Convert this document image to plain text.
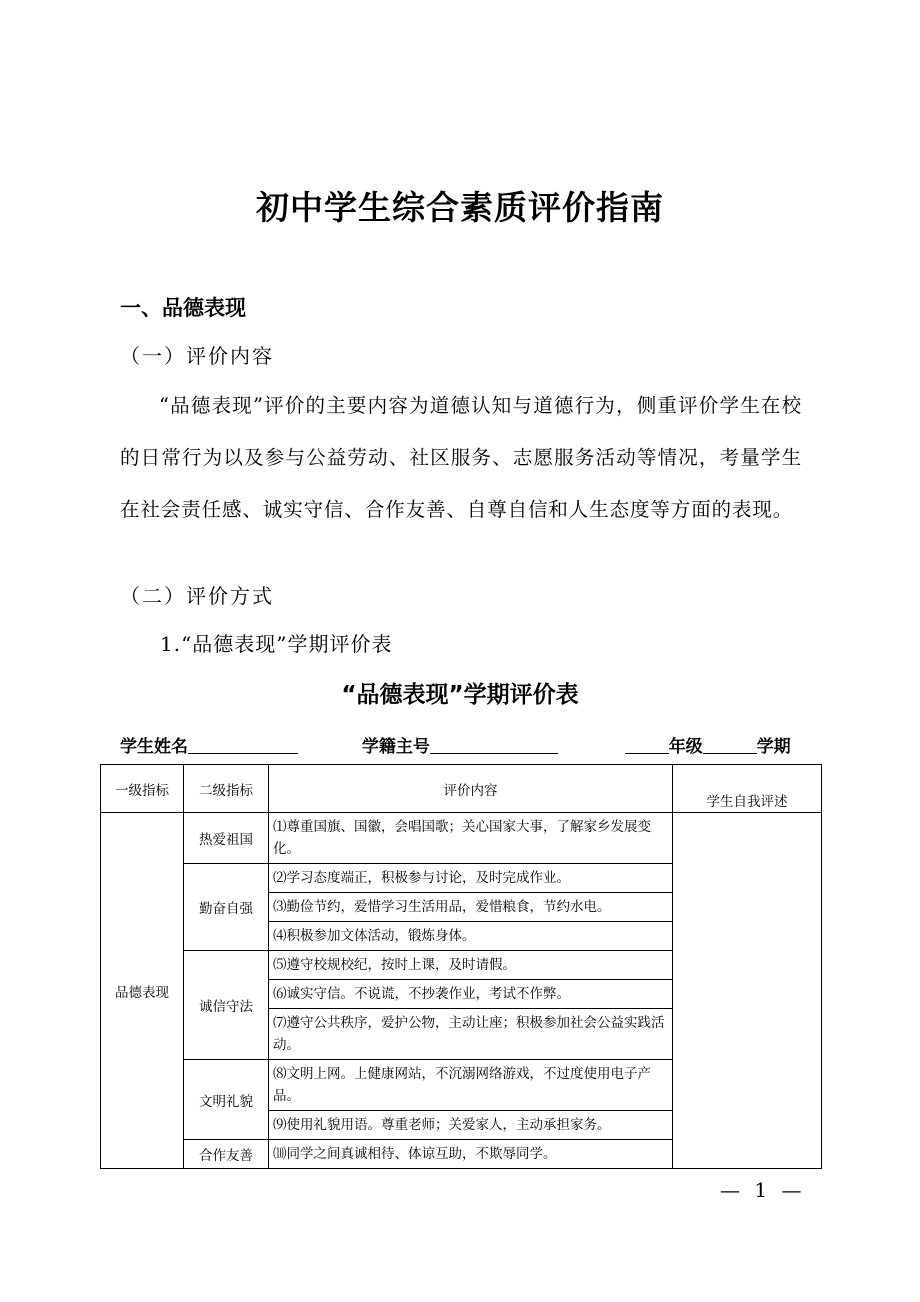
初中学生综合素质评价指南
一、品德表现
（一）评价内容
“品德表现”评价的主要内容为道德认知与道德行为，侧重评价学生在校的日常行为以及参与公益劳动、社区服务、志愿服务活动等情况，考量学生在社会责任感、诚实守信、合作友善、自尊自信和人生态度等方面的表现。
（二）评价方式
1.“品德表现”学期评价表
“品德表现”学期评价表
学生姓名	学籍主号	年级	学期
一级指标	二级指标	评价内容	学生自我评述
品德表现	热爱祖国	⑴尊重国旗、国徽，会唱国歌；关心国家大事，了解家乡发展变化。	

	勤奋自强	⑵学习态度端正，积极参与讨论，及时完成作业。
⑶勤俭节约，爱惜学习生活用品，爱惜粮食，节约水电。
⑷积极参加文体活动，锻炼身体。	

	诚信守法	⑸遵守校规校纪，按时上课，及时请假。
⑹诚实守信。不说谎，不抄袭作业，考试不作弊。
⑺遵守公共秩序，爱护公物，主动让座；积极参加社会公益实践活动。	

	文明礼貌	⑻文明上网。上健康网站，不沉溺网络游戏，不过度使用电子产品。
⑼使用礼貌用语。尊重老师；关爱家人，主动承担家务。	

	合作友善	⑽同学之间真诚相待、体谅互助，不欺辱同学。	
— 1 —
